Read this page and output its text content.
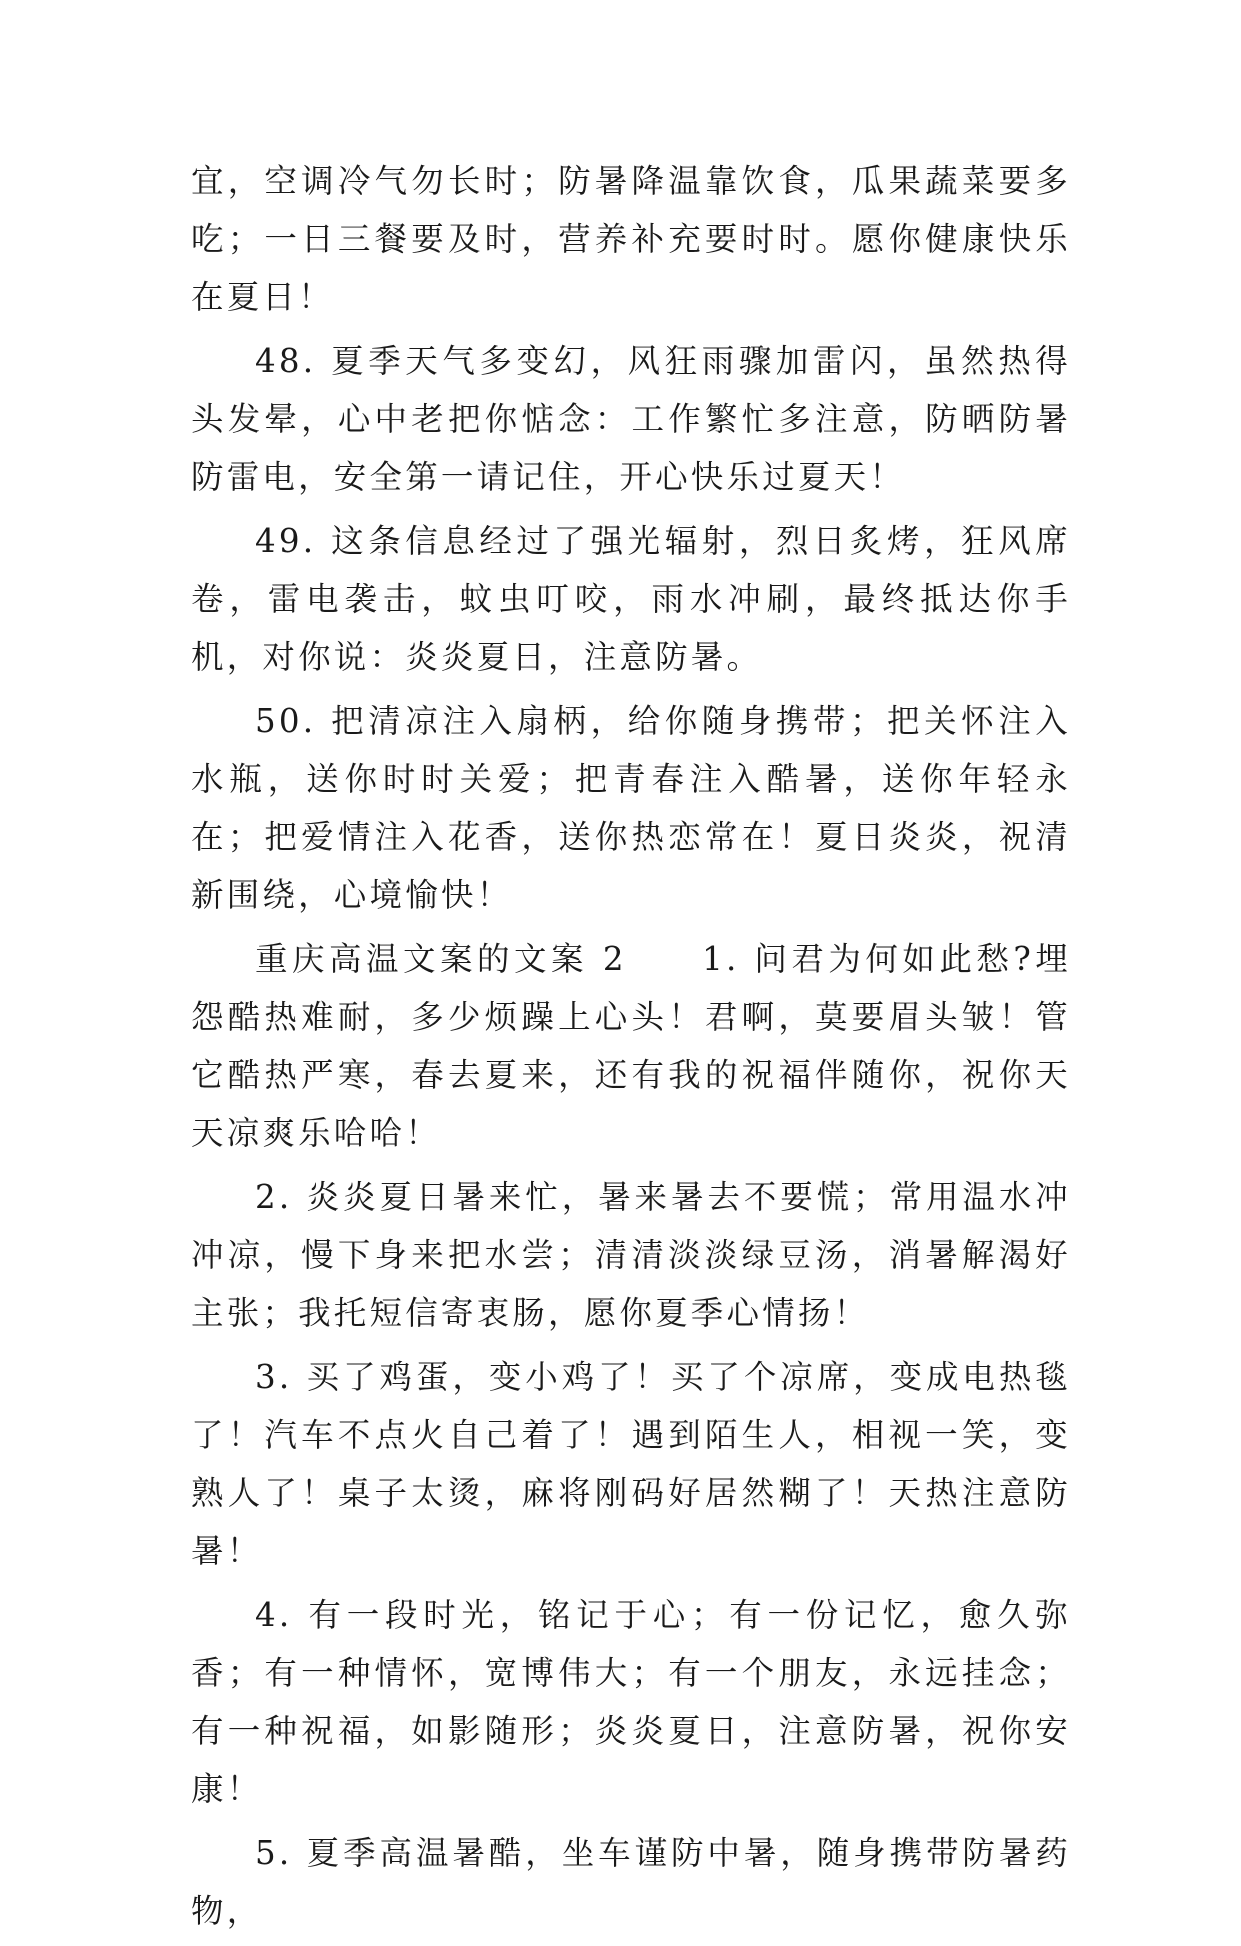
宜，空调冷气勿长时；防暑降温靠饮食，瓜果蔬菜要多吃；一日三餐要及时，营养补充要时时。愿你健康快乐在夏日！

48. 夏季天气多变幻，风狂雨骤加雷闪，虽然热得头发晕，心中老把你惦念：工作繁忙多注意，防晒防暑防雷电，安全第一请记住，开心快乐过夏天！

49. 这条信息经过了强光辐射，烈日炙烤，狂风席卷，雷电袭击，蚊虫叮咬，雨水冲刷，最终抵达你手机，对你说：炎炎夏日，注意防暑。

50. 把清凉注入扇柄，给你随身携带；把关怀注入水瓶，送你时时关爱；把青春注入酷暑，送你年轻永在；把爱情注入花香，送你热恋常在！夏日炎炎，祝清新围绕，心境愉快！

重庆高温文案的文案 2　　1. 问君为何如此愁?埋怨酷热难耐，多少烦躁上心头！君啊，莫要眉头皱！管它酷热严寒，春去夏来，还有我的祝福伴随你，祝你天天凉爽乐哈哈！

2. 炎炎夏日暑来忙，暑来暑去不要慌；常用温水冲冲凉，慢下身来把水尝；清清淡淡绿豆汤，消暑解渴好主张；我托短信寄衷肠，愿你夏季心情扬！

3. 买了鸡蛋，变小鸡了！买了个凉席，变成电热毯了！汽车不点火自己着了！遇到陌生人，相视一笑，变熟人了！桌子太烫，麻将刚码好居然糊了！天热注意防暑！

4. 有一段时光，铭记于心；有一份记忆，愈久弥香；有一种情怀，宽博伟大；有一个朋友，永远挂念；有一种祝福，如影随形；炎炎夏日，注意防暑，祝你安康！

5. 夏季高温暑酷，坐车谨防中暑，随身携带防暑药物，
